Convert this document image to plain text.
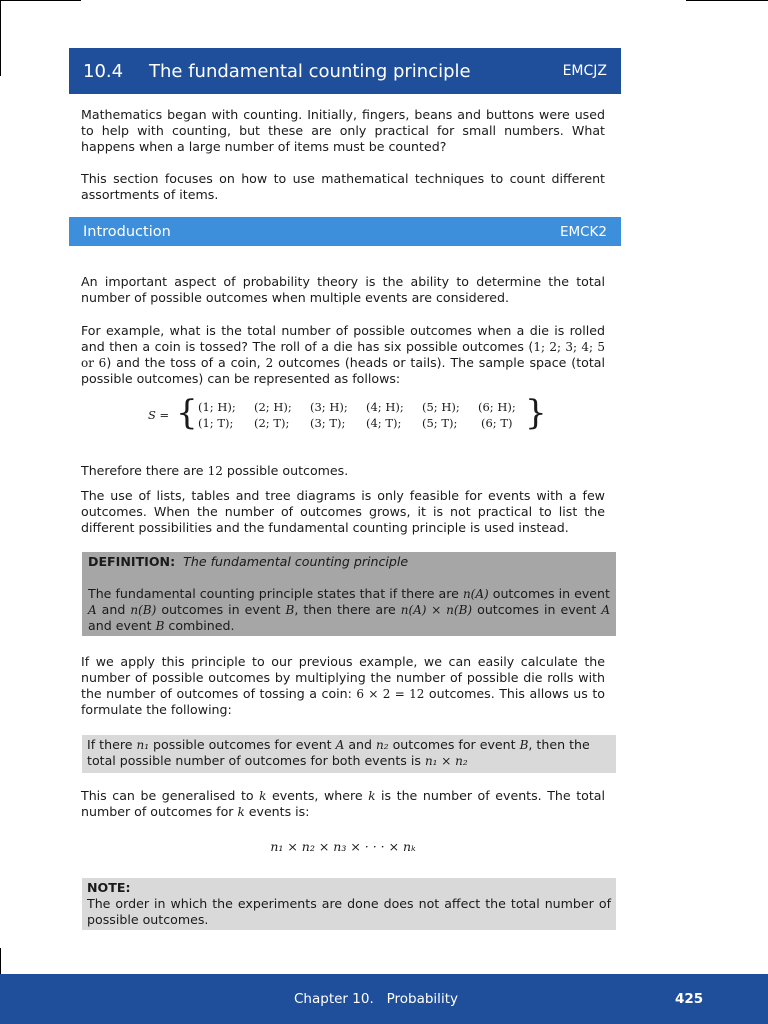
10.4	The fundamental counting principle	EMCJZ

Mathematics began with counting. Initially, fingers, beans and buttons were used to help with counting, but these are only practical for small numbers. What happens when a large number of items must be counted?

This section focuses on how to use mathematical techniques to count different assortments of items.

Introduction	EMCK2

An important aspect of probability theory is the ability to determine the total number of possible outcomes when multiple events are considered.

For example, what is the total number of possible outcomes when a die is rolled and then a coin is tossed? The roll of a die has six possible outcomes (1; 2; 3; 4; 5 or 6) and the toss of a coin, 2 outcomes (heads or tails). The sample space (total possible outcomes) can be represented as follows:

S = { (1; H); (2; H); (3; H); (4; H); (5; H); (6; H);
(1; T); (2; T); (3; T); (4; T); (5; T); (6; T) }

Therefore there are 12 possible outcomes.

The use of lists, tables and tree diagrams is only feasible for events with a few outcomes. When the number of outcomes grows, it is not practical to list the different possibilities and the fundamental counting principle is used instead.

DEFINITION: The fundamental counting principle
The fundamental counting principle states that if there are n(A) outcomes in event A and n(B) outcomes in event B, then there are n(A) × n(B) outcomes in event A and event B combined.

If we apply this principle to our previous example, we can easily calculate the number of possible outcomes by multiplying the number of possible die rolls with the number of outcomes of tossing a coin: 6 × 2 = 12 outcomes. This allows us to formulate the following:

If there n₁ possible outcomes for event A and n₂ outcomes for event B, then the total possible number of outcomes for both events is n₁ × n₂

This can be generalised to k events, where k is the number of events. The total number of outcomes for k events is:

n₁ × n₂ × n₃ × · · · × nₖ
NOTE:
The order in which the experiments are done does not affect the total number of possible outcomes.
Chapter 10.   Probability	425
